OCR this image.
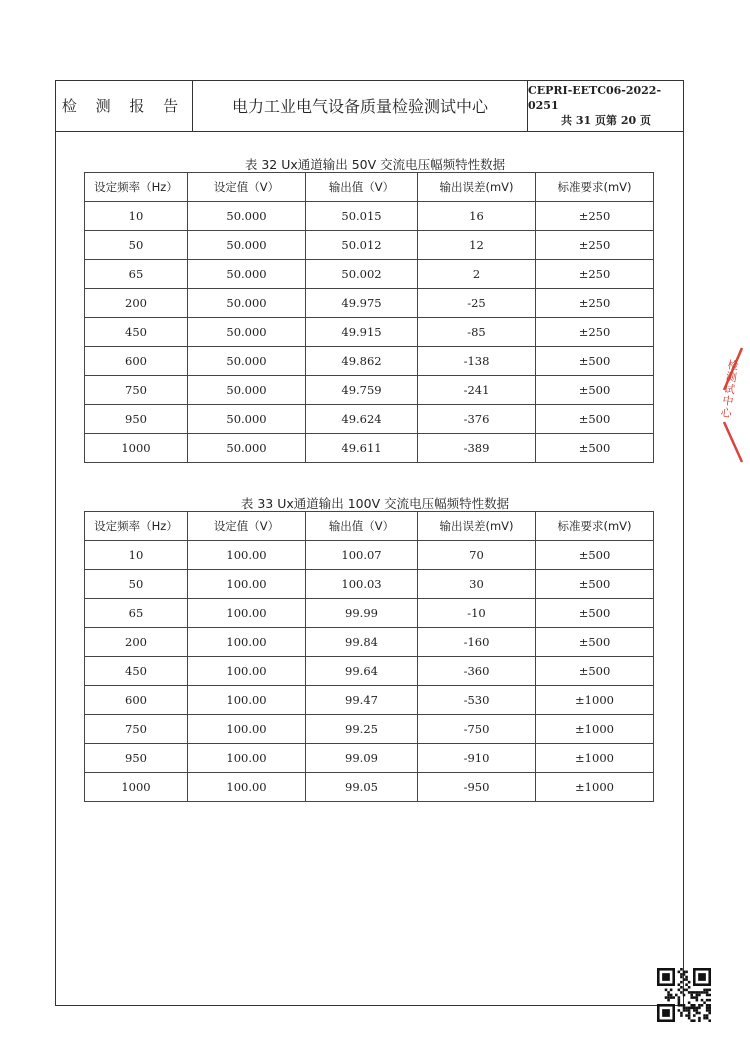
检 测 报 告	电力工业电气设备质量检验测试中心
CEPRI-EETC06-2022-0251
共 31 页第 20 页
表 32 Ux通道输出 50V 交流电压幅频特性数据
设定频率（Hz）	设定值（V）	输出值（V）	输出误差(mV)	标准要求(mV)
10	50.000	50.015	16	±250
50	50.000	50.012	12	±250
65	50.000	50.002	2	±250
200	50.000	49.975	-25	±250
450	50.000	49.915	-85	±250
600	50.000	49.862	-138	±500
750	50.000	49.759	-241	±500
950	50.000	49.624	-376	±500
1000	50.000	49.611	-389	±500
表 33 Ux通道输出 100V 交流电压幅频特性数据
设定频率（Hz）	设定值（V）	输出值（V）	输出误差(mV)	标准要求(mV)
10	100.00	100.07	70	±500
50	100.00	100.03	30	±500
65	100.00	99.99	-10	±500
200	100.00	99.84	-160	±500
450	100.00	99.64	-360	±500
600	100.00	99.47	-530	±1000
750	100.00	99.25	-750	±1000
950	100.00	99.09	-910	±1000
1000	100.00	99.05	-950	±1000
检测试中心
